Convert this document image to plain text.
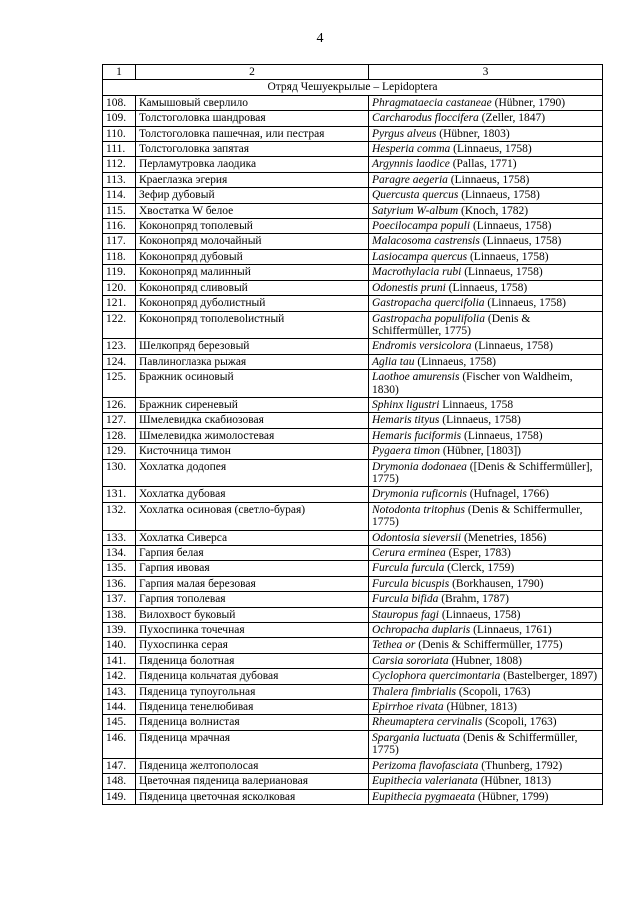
4
1	2	3
Отряд Чешуекрылые – Lepidoptera		
108.	Камышовый сверлило	Phragmataecia castaneae (Hübner, 1790)
109.	Толстоголовка шандровая	Carcharodus floccifera (Zeller, 1847)
110.	Толстоголовка пашечная, или пестрая	Pyrgus alveus (Hübner, 1803)
111.	Толстоголовка запятая	Hesperia comma (Linnaeus, 1758)
112.	Перламутровка лаодика	Argynnis laodice (Pallas, 1771)
113.	Краеглазка эгерия	Paragre aegeria (Linnaeus, 1758)
114.	Зефир дубовый	Quercusta quercus (Linnaeus, 1758)
115.	Хвостатка W белое	Satyrium W-album (Knoch, 1782)
116.	Коконопряд тополевый	Poecilocampa populi (Linnaeus, 1758)
117.	Коконопряд молочайный	Malacosoma castrensis (Linnaeus, 1758)
118.	Коконопряд дубовый	Lasiocampa quercus (Linnaeus, 1758)
119.	Коконопряд малинный	Macrothylacia rubi (Linnaeus, 1758)
120.	Коконопряд сливовый	Odonestis pruni (Linnaeus, 1758)
121.	Коконопряд дуболистный	Gastropacha quercifolia (Linnaeus, 1758)
122.	Коконопряд тополевolистный	Gastropacha populifolia (Denis & Schiffermüller, 1775)
123.	Шелкопряд березовый	Endromis versicolora (Linnaeus, 1758)
124.	Павлиноглазка рыжая	Aglia tau (Linnaeus, 1758)
125.	Бражник осиновый	Laothoe amurensis (Fischer von Waldheim, 1830)
126.	Бражник сиреневый	Sphinx ligustri Linnaeus, 1758
127.	Шмелевидка скабиозовая	Hemaris tityus (Linnaeus, 1758)
128.	Шмелевидка жимолостевая	Hemaris fuciformis (Linnaeus, 1758)
129.	Кисточница тимон	Pygaera timon (Hübner, [1803])
130.	Хохлатка додопея	Drymonia dodonaea ([Denis & Schiffermüller], 1775)
131.	Хохлатка дубовая	Drymonia ruficornis (Hufnagel, 1766)
132.	Хохлатка осиновая (светло-бурая)	Notodonta tritophus (Denis & Schiffermuller, 1775)
133.	Хохлатка Сиверса	Odontosia sieversii (Menetries, 1856)
134.	Гарпия белая	Cerura erminea (Esper, 1783)
135.	Гарпия ивовая	Furcula furcula (Clerck, 1759)
136.	Гарпия малая березовая	Furcula bicuspis (Borkhausen, 1790)
137.	Гарпия тополевая	Furcula bifida (Brahm, 1787)
138.	Вилохвост буковый	Stauropus fagi (Linnaeus, 1758)
139.	Пухоспинка точечная	Ochropacha duplaris (Linnaeus, 1761)
140.	Пухоспинка серая	Tethea or (Denis & Schiffermüller, 1775)
141.	Пяденица болотная	Carsia sororiata (Hubner, 1808)
142.	Пяденица кольчатая дубовая	Cyclophora quercimontaria (Bastelberger, 1897)
143.	Пяденица тупоугольная	Thalera fimbrialis (Scopoli, 1763)
144.	Пяденица тенелюбивая	Epirrhoe rivata (Hübner, 1813)
145.	Пяденица волнистая	Rheumaptera cervinalis (Scopoli, 1763)
146.	Пяденица мрачная	Spargania luctuata (Denis & Schiffermüller, 1775)
147.	Пяденица желтополосая	Perizoma flavofasciata (Thunberg, 1792)
148.	Цветочная пяденица валериановая	Eupithecia valerianata (Hübner, 1813)
149.	Пяденица цветочная ясколковая	Eupithecia pygmaeata (Hübner, 1799)
